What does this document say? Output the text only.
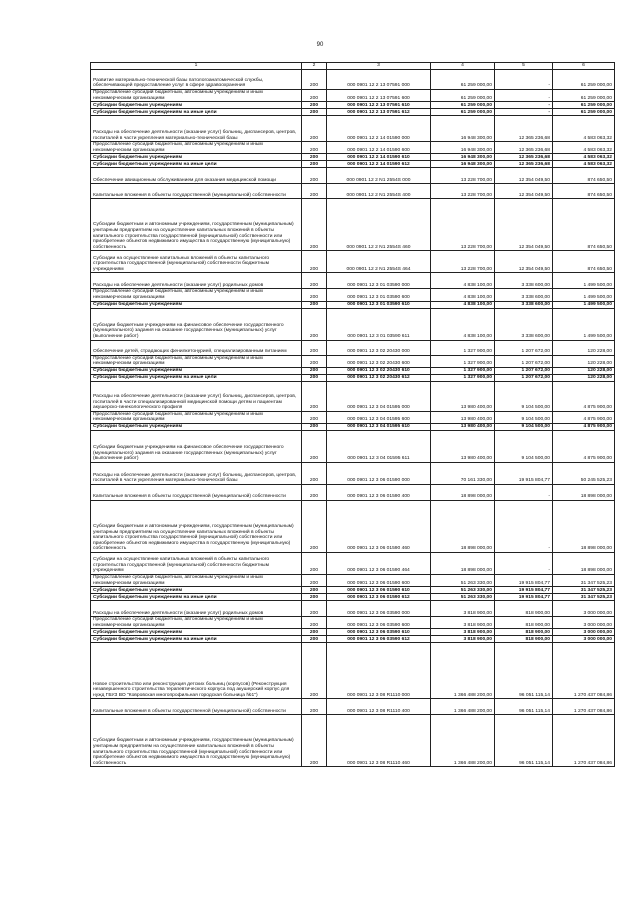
90
1	2	3	4	5	6
Развитие материально-технической базы патологоанатомической службы, обеспечивающей предоставление услуг в сфере здравоохранения	200	000 0901 12 2 13 07591 000	61 259 000,00	-	61 259 000,00
Предоставление субсидий бюджетным, автономным учреждениям и иным некоммерческим организациям	200	000 0901 12 2 13 07591 600	61 259 000,00	-	61 259 000,00
Субсидии бюджетным учреждениям	200	000 0901 12 2 13 07591 610	61 259 000,00	-	61 259 000,00
Субсидии бюджетным учреждениям на иные цели	200	000 0901 12 2 13 07591 612	61 259 000,00	-	61 259 000,00
Расходы на обеспечение деятельности (оказание услуг) больниц, диспансеров, центров, госпиталей в части укрепления материально-технической базы	200	000 0901 12 2 14 01590 000	16 948 300,00	12 365 236,68	4 583 063,32
Предоставление субсидий бюджетным, автономным учреждениям и иным некоммерческим организациям	200	000 0901 12 2 14 01590 600	16 948 300,00	12 365 236,68	4 583 063,32
Субсидии бюджетным учреждениям	200	000 0901 12 2 14 01590 610	16 948 300,00	12 365 236,68	4 583 063,32
Субсидии бюджетным учреждениям на иные цели	200	000 0901 12 2 14 01590 612	16 948 300,00	12 365 236,68	4 583 063,32
Обеспечение авиационным обслуживанием для оказания медицинской помощи	200	000 0901 12 2 N1 2554S 000	13 228 700,00	12 354 049,50	874 650,50
Капитальные вложения в объекты государственной (муниципальной) собственности	200	000 0901 12 2 N1 2554S 400	13 228 700,00	12 354 049,50	874 650,50
Субсидии бюджетным и автономным учреждениям, государственным (муниципальным) унитарным предприятиям на осуществление капитальных вложений в объекты капитального строительства государственной (муниципальной) собственности или приобретение объектов недвижимого имущества в государственную (муниципальную) собственность	200	000 0901 12 2 N1 2554S 460	13 228 700,00	12 354 049,50	874 650,50
Субсидии на осуществление капитальных вложений в объекты капитального строительства государственной (муниципальной) собственности бюджетным учреждениям	200	000 0901 12 2 N1 2554S 464	13 228 700,00	12 354 049,50	874 650,50
Расходы на обеспечение деятельности (оказание услуг) родильных домов	200	000 0901 12 3 01 03590 000	4 838 100,00	3 338 600,00	1 499 500,00
Предоставление субсидий бюджетным, автономным учреждениям и иным некоммерческим организациям	200	000 0901 12 3 01 03590 600	4 838 100,00	3 338 600,00	1 499 500,00
Субсидии бюджетным учреждениям	200	000 0901 12 3 01 03590 610	4 838 100,00	3 338 600,00	1 499 500,00
Субсидии бюджетным учреждениям на финансовое обеспечение государственного (муниципального) задания на оказание государственных (муниципальных) услуг (выполнение работ)	200	000 0901 12 3 01 03590 611	4 838 100,00	3 338 600,00	1 499 500,00
Обеспечение детей, страдающих фенилкетонурией, специализированным питанием	200	000 0901 12 3 02 20430 000	1 327 900,00	1 207 672,00	120 228,00
Предоставление субсидий бюджетным, автономным учреждениям и иным некоммерческим организациям	200	000 0901 12 3 02 20430 600	1 327 900,00	1 207 672,00	120 228,00
Субсидии бюджетным учреждениям	200	000 0901 12 3 02 20430 610	1 327 900,00	1 207 672,00	120 228,00
Субсидии бюджетным учреждениям на иные цели	200	000 0901 12 3 02 20430 612	1 327 900,00	1 207 672,00	120 228,00
Расходы на обеспечение деятельности (оказание услуг) больниц, диспансеров, центров, госпиталей в части специализированной медицинской помощи детям и пациентам акушерско-гинекологического профиля	200	000 0901 12 3 04 01595 000	13 980 400,00	9 104 500,00	4 875 900,00
Предоставление субсидий бюджетным, автономным учреждениям и иным некоммерческим организациям	200	000 0901 12 3 04 01595 600	13 980 400,00	9 104 500,00	4 875 900,00
Субсидии бюджетным учреждениям	200	000 0901 12 3 04 01595 610	13 980 400,00	9 104 500,00	4 875 900,00
Субсидии бюджетным учреждениям на финансовое обеспечение государственного (муниципального) задания на оказание государственных (муниципальных) услуг (выполнение работ)	200	000 0901 12 3 04 01595 611	13 980 400,00	9 104 500,00	4 875 900,00
Расходы на обеспечение деятельности (оказание услуг) больниц, диспансеров, центров, госпиталей в части укрепления материально-технической базы	200	000 0901 12 3 06 01590 000	70 161 330,00	19 915 804,77	50 245 525,23
Капитальные вложения в объекты государственной (муниципальной) собственности	200	000 0901 12 3 06 01590 400	18 898 000,00	-	18 898 000,00
Субсидии бюджетным и автономным учреждениям, государственным (муниципальным) унитарным предприятиям на осуществление капитальных вложений в объекты капитального строительства государственной (муниципальной) собственности или приобретение объектов недвижимого имущества в государственную (муниципальную) собственность	200	000 0901 12 3 06 01590 460	18 898 000,00	-	18 898 000,00
Субсидии на осуществление капитальных вложений в объекты капитального строительства государственной (муниципальной) собственности бюджетным учреждениям	200	000 0901 12 3 06 01590 464	18 898 000,00	-	18 898 000,00
Предоставление субсидий бюджетным, автономным учреждениям и иным некоммерческим организациям	200	000 0901 12 3 06 01590 600	51 263 330,00	19 915 804,77	31 347 525,23
Субсидии бюджетным учреждениям	200	000 0901 12 3 06 01590 610	51 263 330,00	19 915 804,77	31 347 525,23
Субсидии бюджетным учреждениям на иные цели	200	000 0901 12 3 06 01590 612	51 263 330,00	19 915 804,77	31 347 525,23
Расходы на обеспечение деятельности (оказание услуг) родильных домов	200	000 0901 12 3 06 03590 000	3 818 900,00	818 900,00	3 000 000,00
Предоставление субсидий бюджетным, автономным учреждениям и иным некоммерческим организациям	200	000 0901 12 3 06 03590 600	3 818 900,00	818 900,00	3 000 000,00
Субсидии бюджетным учреждениям	200	000 0901 12 3 06 03590 610	3 818 900,00	818 900,00	3 000 000,00
Субсидии бюджетным учреждениям на иные цели	200	000 0901 12 3 06 03590 612	3 818 900,00	818 900,00	3 000 000,00
Новое строительство или реконструкция детских больниц (корпусов) (Реконструкция незавершенного строительства терапевтического корпуса под акушерский корпус для нужд ГБУЗ ВО "Ковровская многопрофильная городская больница №1")	200	000 0901 12 3 08 R1110 000	1 366 488 200,00	96 051 115,14	1 270 437 084,86
Капитальные вложения в объекты государственной (муниципальной) собственности	200	000 0901 12 3 08 R1110 400	1 366 488 200,00	96 051 115,14	1 270 437 084,86
Субсидии бюджетным и автономным учреждениям, государственным (муниципальным) унитарным предприятиям на осуществление капитальных вложений в объекты капитального строительства государственной (муниципальной) собственности или приобретение объектов недвижимого имущества в государственную (муниципальную) собственность	200	000 0901 12 3 08 R1110 460	1 366 488 200,00	96 051 115,14	1 270 437 084,86
